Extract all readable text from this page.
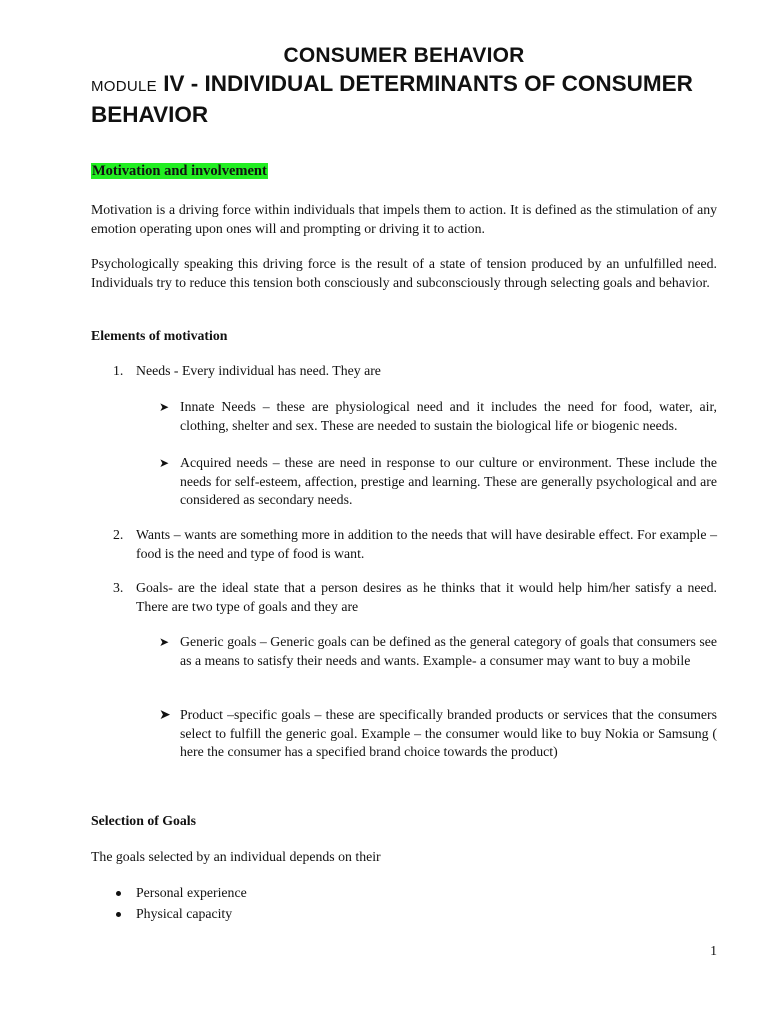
CONSUMER BEHAVIOR
MODULE IV - INDIVIDUAL DETERMINANTS OF CONSUMER BEHAVIOR
Motivation and involvement

Motivation is a driving force within individuals that impels them to action. It is defined as the stimulation of any emotion operating upon ones will and prompting or driving it to action.

Psychologically speaking this driving force is the result of a state of tension produced by an unfulfilled need. Individuals try to reduce this tension both consciously and subconsciously through selecting goals and behavior.

Elements of motivation

1. Needs - Every individual has need. They are
➤ Innate Needs – these are physiological need and it includes the need for food, water, air, clothing, shelter and sex. These are needed to sustain the biological life or biogenic needs.
➤ Acquired needs – these are need in response to our culture or environment. These include the needs for self-esteem, affection, prestige and learning. These are generally psychological and are considered as secondary needs.
2. Wants – wants are something more in addition to the needs that will have desirable effect. For example – food is the need and type of food is want.
3. Goals- are the ideal state that a person desires as he thinks that it would help him/her satisfy a need. There are two type of goals and they are
➤ Generic goals – Generic goals can be defined as the general category of goals that consumers see as a means to satisfy their needs and wants. Example- a consumer may want to buy a mobile
➤ Product –specific goals – these are specifically branded products or services that the consumers select to fulfill the generic goal. Example – the consumer would like to buy Nokia or Samsung ( here the consumer has a specified brand choice towards the product)

Selection of Goals

The goals selected by an individual depends on their

Personal experience
Physical capacity

1
